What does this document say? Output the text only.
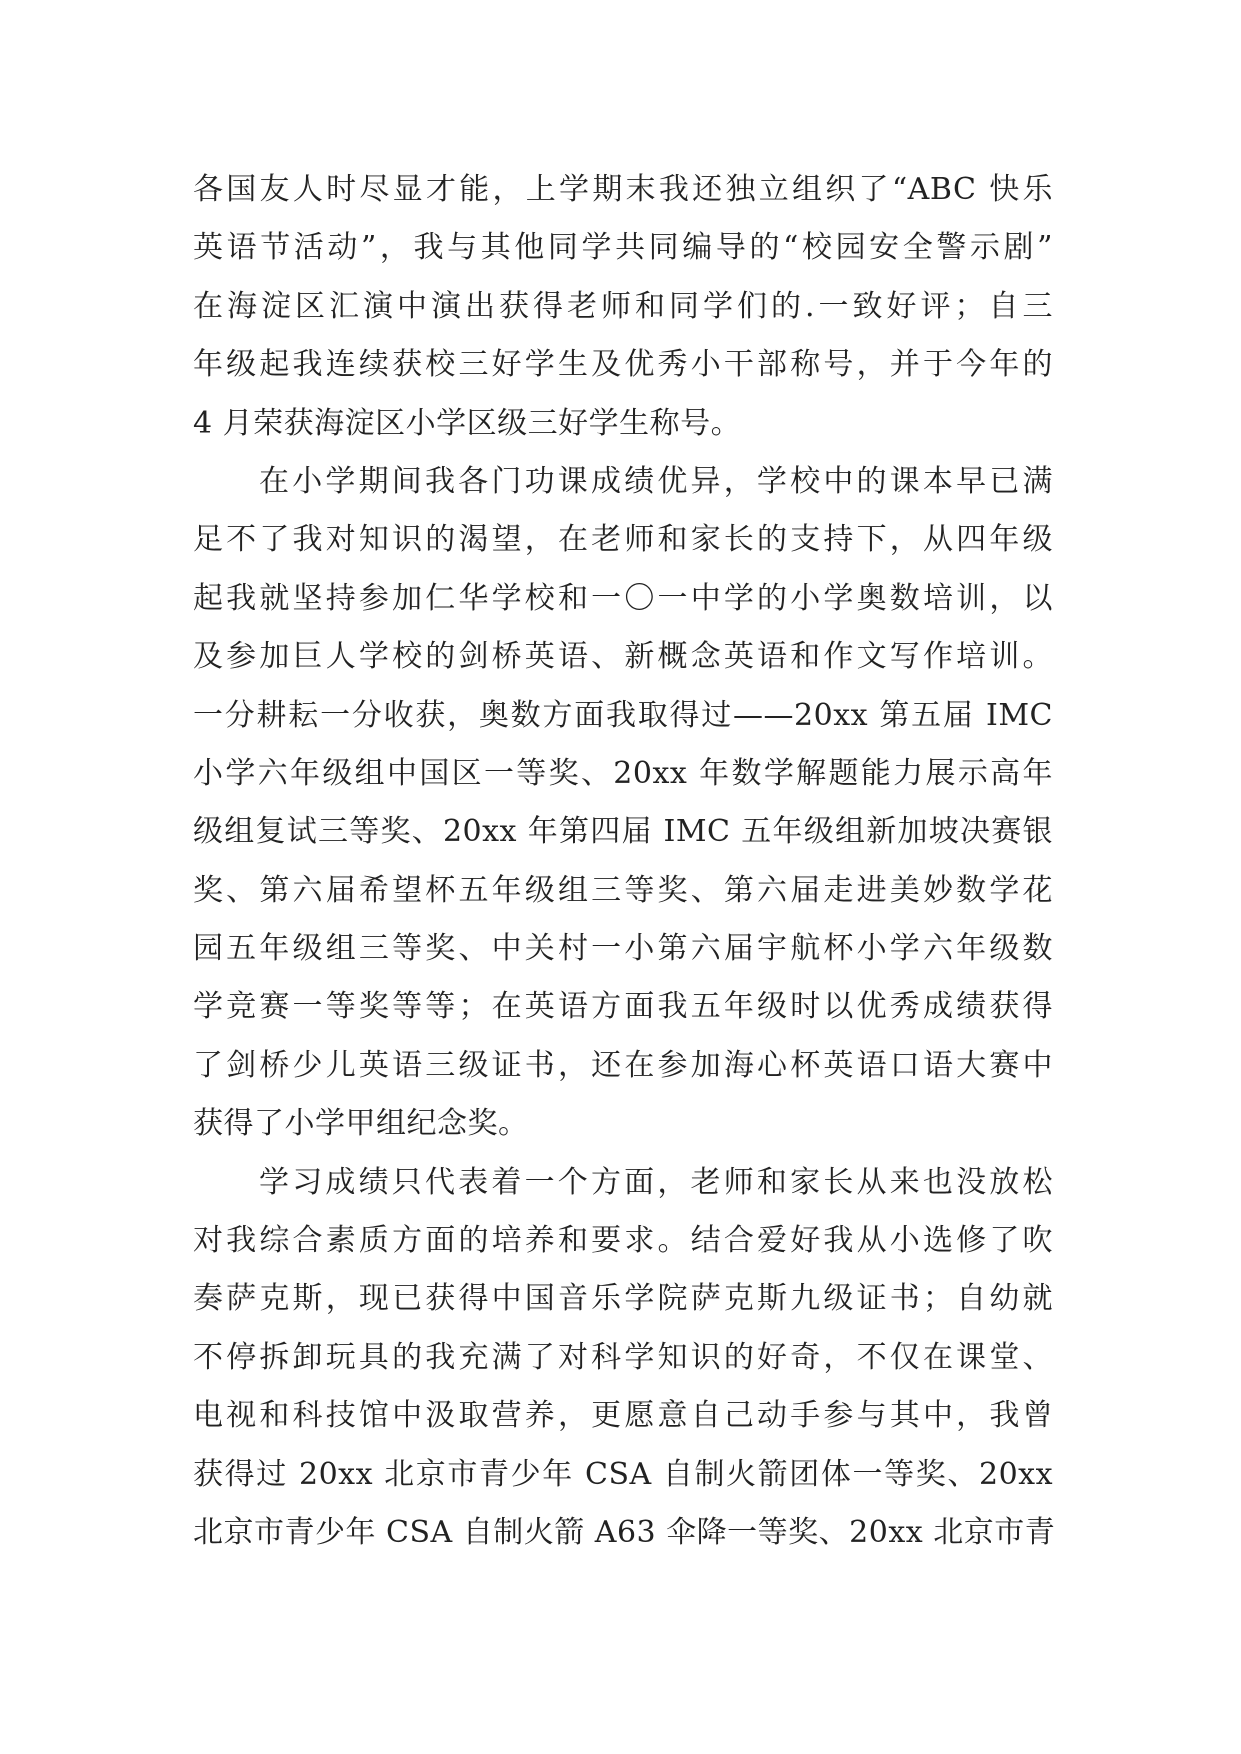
各国友人时尽显才能，上学期末我还独立组织了“ABC 快乐
英语节活动”，我与其他同学共同编导的“校园安全警示剧”
在海淀区汇演中演出获得老师和同学们的.一致好评；自三
年级起我连续获校三好学生及优秀小干部称号，并于今年的
4 月荣获海淀区小学区级三好学生称号。
在小学期间我各门功课成绩优异，学校中的课本早已满
足不了我对知识的渴望，在老师和家长的支持下，从四年级
起我就坚持参加仁华学校和一〇一中学的小学奥数培训，以
及参加巨人学校的剑桥英语、新概念英语和作文写作培训。
一分耕耘一分收获，奥数方面我取得过——20xx 第五届 IMC
小学六年级组中国区一等奖、20xx 年数学解题能力展示高年
级组复试三等奖、20xx 年第四届 IMC 五年级组新加坡决赛银
奖、第六届希望杯五年级组三等奖、第六届走进美妙数学花
园五年级组三等奖、中关村一小第六届宇航杯小学六年级数
学竞赛一等奖等等；在英语方面我五年级时以优秀成绩获得
了剑桥少儿英语三级证书，还在参加海心杯英语口语大赛中
获得了小学甲组纪念奖。
学习成绩只代表着一个方面，老师和家长从来也没放松
对我综合素质方面的培养和要求。结合爱好我从小选修了吹
奏萨克斯，现已获得中国音乐学院萨克斯九级证书；自幼就
不停拆卸玩具的我充满了对科学知识的好奇，不仅在课堂、
电视和科技馆中汲取营养，更愿意自己动手参与其中，我曾
获得过 20xx 北京市青少年 CSA 自制火箭团体一等奖、20xx
北京市青少年 CSA 自制火箭 A63 伞降一等奖、20xx 北京市青
